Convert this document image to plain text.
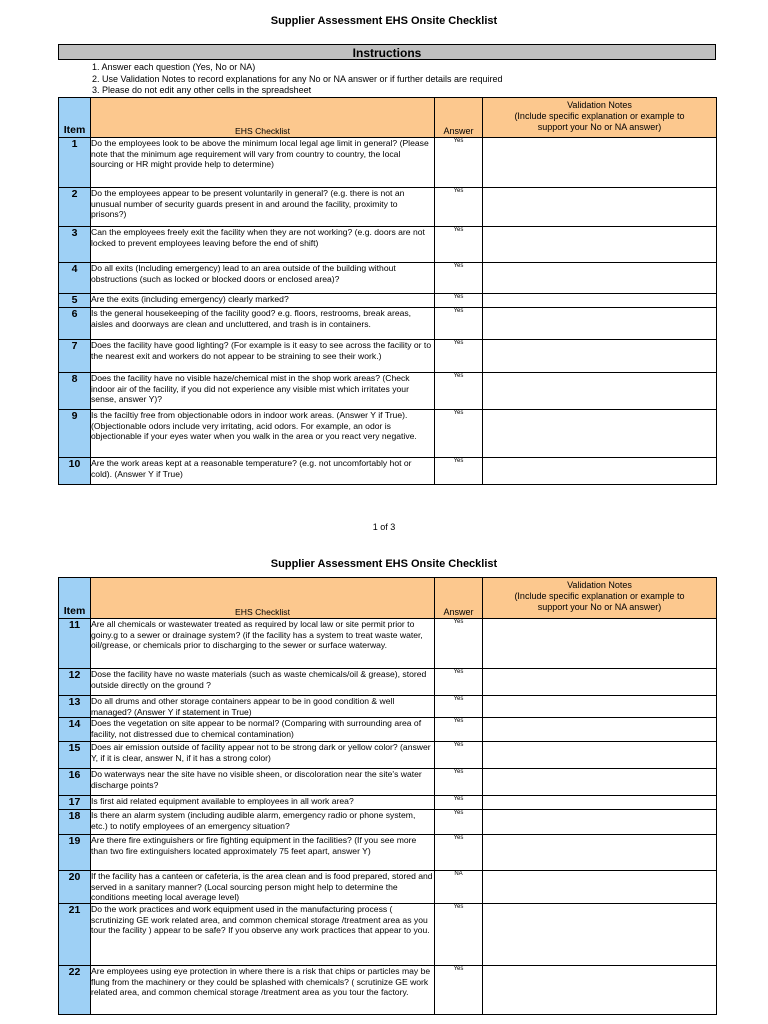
Supplier Assessment EHS Onsite Checklist
Instructions
1. Answer each question (Yes, No or NA)
2. Use Validation Notes to record explanations for any No or NA answer or if further details are required
3. Please do not edit any other cells in the spreadsheet
Item	EHS Checklist	Answer	Validation Notes
(Include specific explanation or example to
support your No or NA answer)

1	Do the employees look to be above the minimum local legal age limit in general? (Please note that the minimum age requirement will vary from country to country, the local sourcing or HR might provide help to determine)	Yes	
2	Do the employees appear to be present voluntarily in general? (e.g. there is not an unusual number of security guards present in and around the facility, proximity to prisons?)	Yes	
3	Can the employees freely exit the facility when they are not working? (e.g. doors are not locked to prevent employees leaving before the end of shift)	Yes	
4	Do all exits (Including emergency) lead to an area outside of the building without obstructions (such as locked or blocked doors or enclosed area)?	Yes	
5	Are the exits (including emergency) clearly marked?	Yes	
6	Is the general housekeeping of the facility good? e.g. floors, restrooms, break areas, aisles and doorways are clean and uncluttered, and trash is in containers.	Yes	
7	Does the facility have good lighting? (For example is it easy to see across the facility or to the nearest exit and workers do not appear to be straining to see their work.)	Yes	
8	Does the facility have no visible haze/chemical mist in the shop work areas? (Check indoor air of the facility, if you did not experience any visible mist which irritates your sense, answer Y)?	Yes	
9	Is the faciltiy free from objectionable odors in indoor work areas. (Answer Y if True). (Objectionable odors include very irritating, acid odors. For example, an odor is objectionable if your eyes water when you walk in the area or you react very negative.	Yes	
10	Are the work areas kept at a reasonable temperature? (e.g. not uncomfortably hot or cold). (Answer Y if True)	Yes	
1 of 3
Supplier Assessment EHS Onsite Checklist
Item	EHS Checklist	Answer	Validation Notes
(Include specific explanation or example to
support your No or NA answer)

11	Are all chemicals or wastewater treated as required by local law or site permit prior to goiny.g to a sewer or drainage system? (if the facility has a system to treat waste water, oil/grease, or chemicals prior to discharging to the sewer or surface waterway.	Yes	
12	Dose the facility have no waste materials (such as waste chemicals/oil & grease), stored outside directly on the ground ?	Yes	
13	Do all drums and other storage containers appear to be in good condition & well managed? (Answer Y if statement in True)	Yes	
14	Does the vegetation on site appear to be normal? (Comparing with surrounding area of facility, not distressed due to chemical contamination)	Yes	
15	Does air emission outside of facility appear not to be strong dark or yellow color? (answer Y, if it is clear, answer N, if it has a strong color)	Yes	
16	Do waterways near the site have no visible sheen, or discoloration near the site's water discharge points?	Yes	
17	Is first aid related equipment available to employees in all work area?	Yes	
18	Is there an alarm system (including audible alarm, emergency radio or phone system, etc.) to notify employees of an emergency situation?	Yes	
19	Are there fire extinguishers or fire fighting equipment in the facilities? (If you see more than two fire extinguishers located approximately 75 feet apart, answer Y)	Yes	
20	If the facility has a canteen or cafeteria, is the area clean and is food prepared, stored and served in a sanitary manner? (Local sourcing person might help to determine the conditions meeting local average level)	NA	
21	Do the work practices and work equipment used in the manufacturing process ( scrutinizing GE work related area, and common chemical storage /treatment area as you tour the facility ) appear to be safe? If you observe any work practices that appear to you.	Yes	
22	Are employees using eye protection in where there is a risk that chips or particles may be flung from the machinery or they could be splashed with chemicals? ( scrutinize GE work related area, and common chemical storage /treatment area as you tour the factory.	Yes	
